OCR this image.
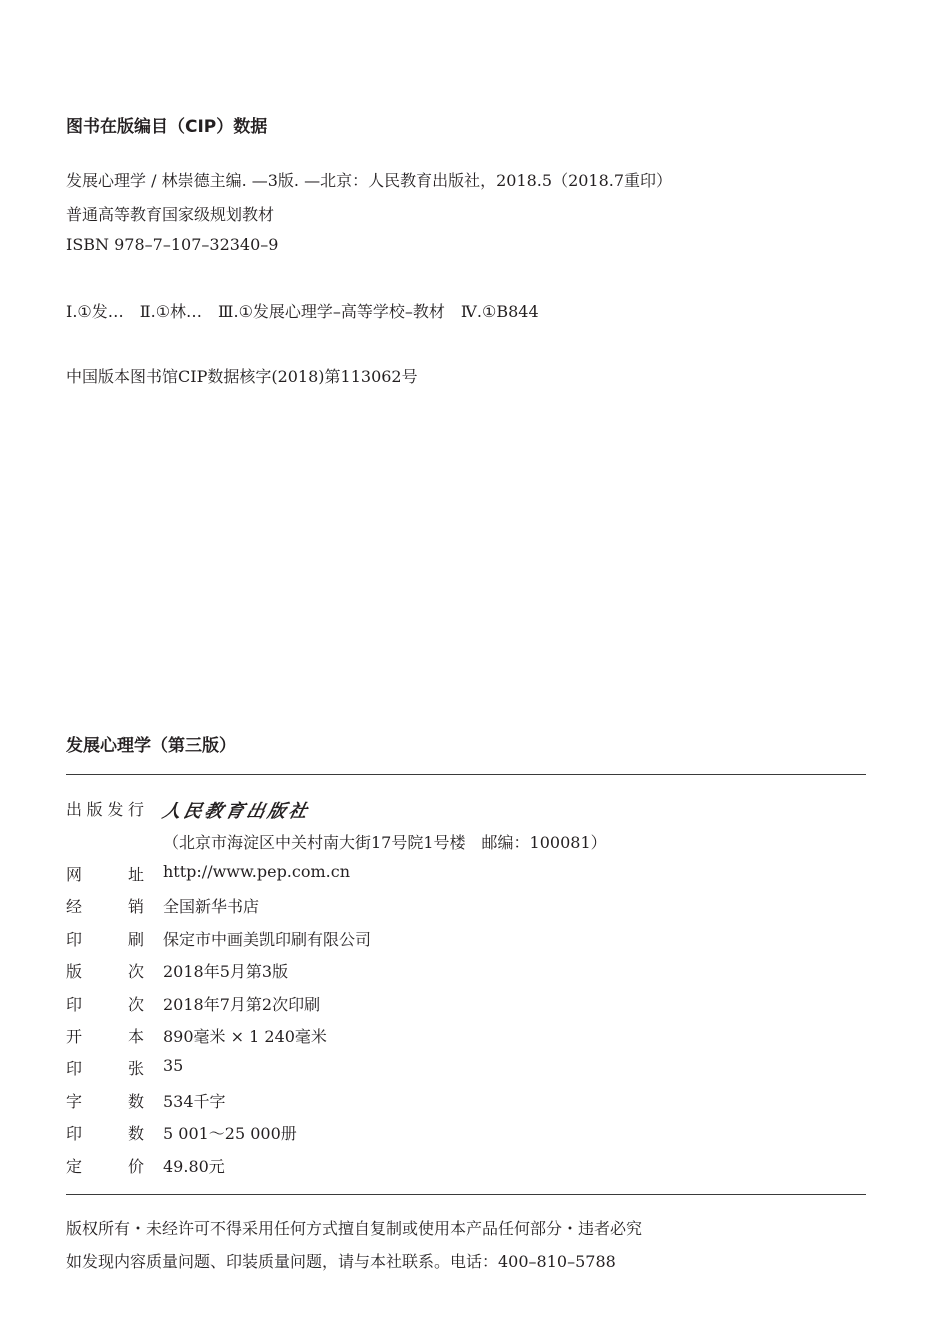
图书在版编目（CIP）数据
发展心理学 / 林崇德主编. —3版. —北京：人民教育出版社，2018.5（2018.7重印）
普通高等教育国家级规划教材
ISBN 978–7–107–32340–9
Ⅰ.①发…　Ⅱ.①林…　Ⅲ.①发展心理学–高等学校–教材　Ⅳ.①B844
中国版本图书馆CIP数据核字(2018)第113062号
发展心理学（第三版）
出 版 发 行 人民教育出版社
（北京市海淀区中关村南大街17号院1号楼　邮编：100081）
网	址 http://www.pep.com.cn
经	销 全国新华书店
印	刷 保定市中画美凯印刷有限公司
版	次 2018年5月第3版
印	次 2018年7月第2次印刷
开	本 890毫米 × 1 240毫米
印	张 35
字	数 534千字
印	数 5 001～25 000册
定	价 49.80元
版权所有・未经许可不得采用任何方式擅自复制或使用本产品任何部分・违者必究
如发现内容质量问题、印装质量问题，请与本社联系。电话：400–810–5788
